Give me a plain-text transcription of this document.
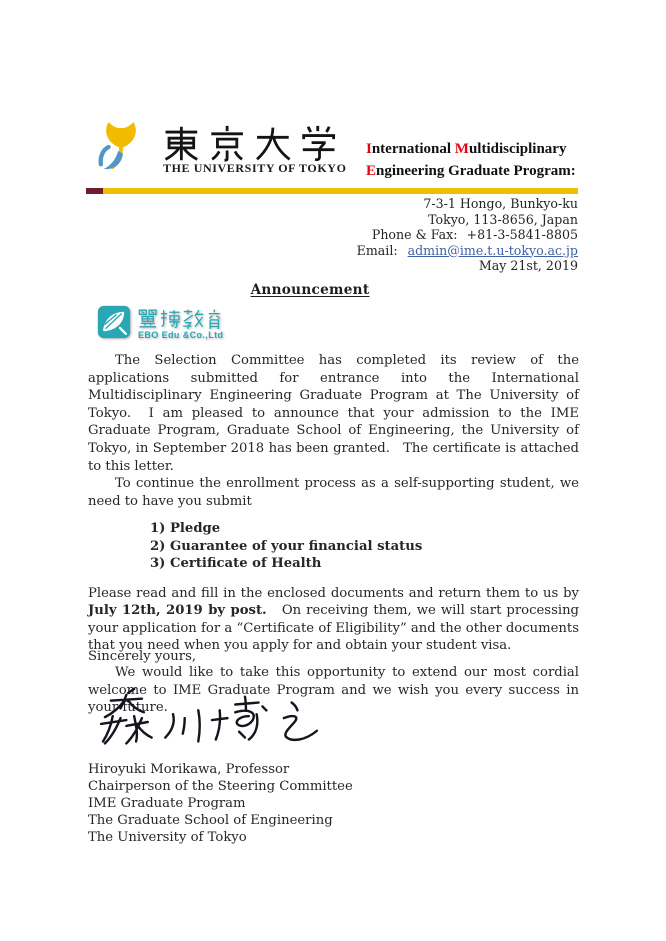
THE UNIVERSITY OF TOKYO
International Multidisciplinary
Engineering Graduate Program:
7-3-1 Hongo, Bunkyo-ku
Tokyo, 113-8656, Japan
Phone & Fax: +81-3-5841-8805
Email: admin@ime.t.u-tokyo.ac.jp
May 21st, 2019
Announcement
EBO Edu &Co.,Ltd

The Selection Committee has completed its review of the applications submitted for entrance into the International Multidisciplinary Engineering Graduate Program at The University of Tokyo.  I am pleased to announce that your admission to the IME Graduate Program, Graduate School of Engineering, the University of Tokyo, in September 2018 has been granted.   The certificate is attached to this letter.

To continue the enrollment process as a self-supporting student, we need to have you submit

1) Pledge
2) Guarantee of your financial status
3) Certificate of Health

Please read and fill in the enclosed documents and return them to us by July 12th, 2019 by post.   On receiving them, we will start processing your application for a “Certificate of Eligibility” and the other documents that you need when you apply for and obtain your student visa.

We would like to take this opportunity to extend our most cordial welcome to IME Graduate Program and we wish you every success in your future.

Sincerely yours,
Hiroyuki Morikawa, Professor
Chairperson of the Steering Committee
IME Graduate Program
The Graduate School of Engineering
The University of Tokyo
